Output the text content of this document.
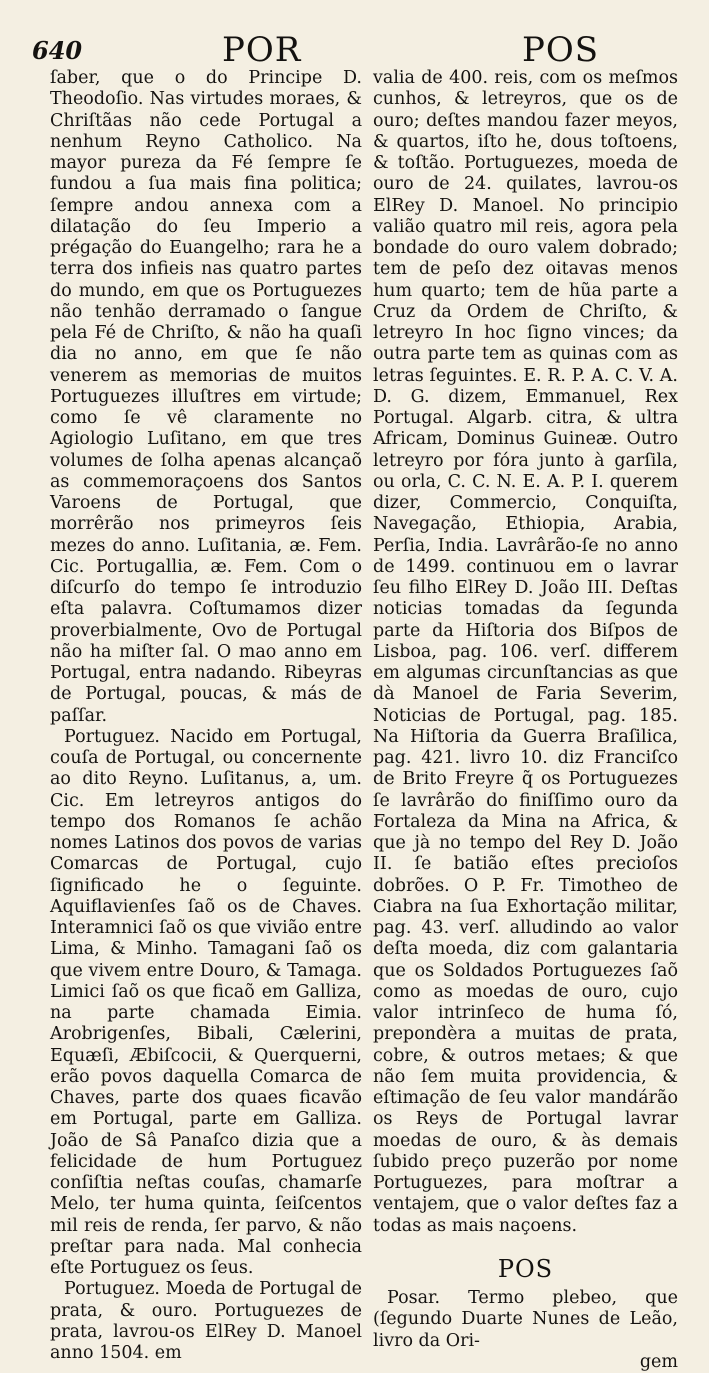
640	POR	POS

ſaber, que o do Principe D. Theodoſio. Nas virtudes moraes, & Chriſtãas não cede Portugal a nenhum Reyno Catholico. Na mayor pureza da Fé ſempre ſe fundou a ſua mais fina politica; ſempre andou annexa com a dilatação do ſeu Imperio a prégação do Euangelho; rara he a terra dos infieis nas quatro partes do mundo, em que os Portuguezes não tenhão derramado o ſangue pela Fé de Chriſto, & não ha quaſi dia no anno, em que ſe não venerem as memorias de muitos Portuguezes illuſtres em virtude; como ſe vê claramente no Agiologio Luſitano, em que tres volumes de ſolha apenas alcançaõ as commemoraçoens dos Santos Varoens de Portugal, que morrêrão nos primeyros ſeis mezes do anno. Luſitania, æ. Fem. Cic. Portugallia, æ. Fem. Com o diſcurſo do tempo ſe introduzio eſta palavra. Coſtumamos dizer proverbialmente, Ovo de Portugal não ha miſter ſal. O mao anno em Portugal, entra nadando. Ribeyras de Portugal, poucas, & más de paſſar.

Portuguez. Nacido em Portugal, couſa de Portugal, ou concernente ao dito Reyno. Luſitanus, a, um. Cic. Em letreyros antigos do tempo dos Romanos ſe achão nomes Latinos dos povos de varias Comarcas de Portugal, cujo ſignificado he o ſeguinte. Aquiflavienſes ſaõ os de Chaves. Interamnici ſaõ os que vivião entre Lima, & Minho. Tamagani ſaõ os que vivem entre Douro, & Tamaga. Limici ſaõ os que ficaõ em Galliza, na parte chamada Eimia. Arobrigenſes, Bibali, Cælerini, Equæſi, Æbiſcocii, & Querquerni, erão povos daquella Comarca de Chaves, parte dos quaes ficavão em Portugal, parte em Galliza. João de Sâ Panaſco dizia que a felicidade de hum Portuguez conſiſtia neſtas couſas, chamarſe Melo, ter huma quinta, ſeiſcentos mil reis de renda, ſer parvo, & não preſtar para nada. Mal conhecia eſte Portuguez os ſeus.

Portuguez. Moeda de Portugal de prata, & ouro. Portuguezes de prata, lavrou-os ElRey D. Manoel anno 1504. em

valia de 400. reis, com os meſmos cunhos, & letreyros, que os de ouro; deſtes mandou fazer meyos, & quartos, iſto he, dous toſtoens, & toſtão. Portuguezes, moeda de ouro de 24. quilates, lavrou-os ElRey D. Manoel. No principio valião quatro mil reis, agora pela bondade do ouro valem dobrado; tem de peſo dez oitavas menos hum quarto; tem de hũa parte a Cruz da Ordem de Chriſto, & letreyro In hoc ſigno vinces; da outra parte tem as quinas com as letras ſeguintes. E. R. P. A. C. V. A. D. G. dizem, Emmanuel, Rex Portugal. Algarb. citra, & ultra Africam, Dominus Guineæ. Outro letreyro por fóra junto à garſila, ou orla, C. C. N. E. A. P. I. querem dizer, Commercio, Conquiſta, Navegação, Ethiopia, Arabia, Perſia, India. Lavrârão-ſe no anno de 1499. continuou em o lavrar ſeu filho ElRey D. João III. Deſtas noticias tomadas da ſegunda parte da Hiſtoria dos Biſpos de Lisboa, pag. 106. verſ. differem em algumas circunſtancias as que dà Manoel de Faria Severim, Noticias de Portugal, pag. 185. Na Hiſtoria da Guerra Braſilica, pag. 421. livro 10. diz Franciſco de Brito Freyre q̃ os Portuguezes ſe lavrârão do finiſſimo ouro da Fortaleza da Mina na Africa, & que jà no tempo del Rey D. João II. ſe batião eſtes precioſos dobrões. O P. Fr. Timotheo de Ciabra na ſua Exhortação militar, pag. 43. verſ. alludindo ao valor deſta moeda, diz com galantaria que os Soldados Portuguezes ſaõ como as moedas de ouro, cujo valor intrinſeco de huma ſó, prepondèra a muitas de prata, cobre, & outros metaes; & que não ſem muita providencia, & eſtimação de ſeu valor mandárão os Reys de Portugal lavrar moedas de ouro, & às demais ſubido preço puzerão por nome Portuguezes, para moſtrar a ventajem, que o valor deſtes faz a todas as mais naçoens.

POS

Posar. Termo plebeo, que (ſegundo Duarte Nunes de Leão, livro da Ori-

gem
